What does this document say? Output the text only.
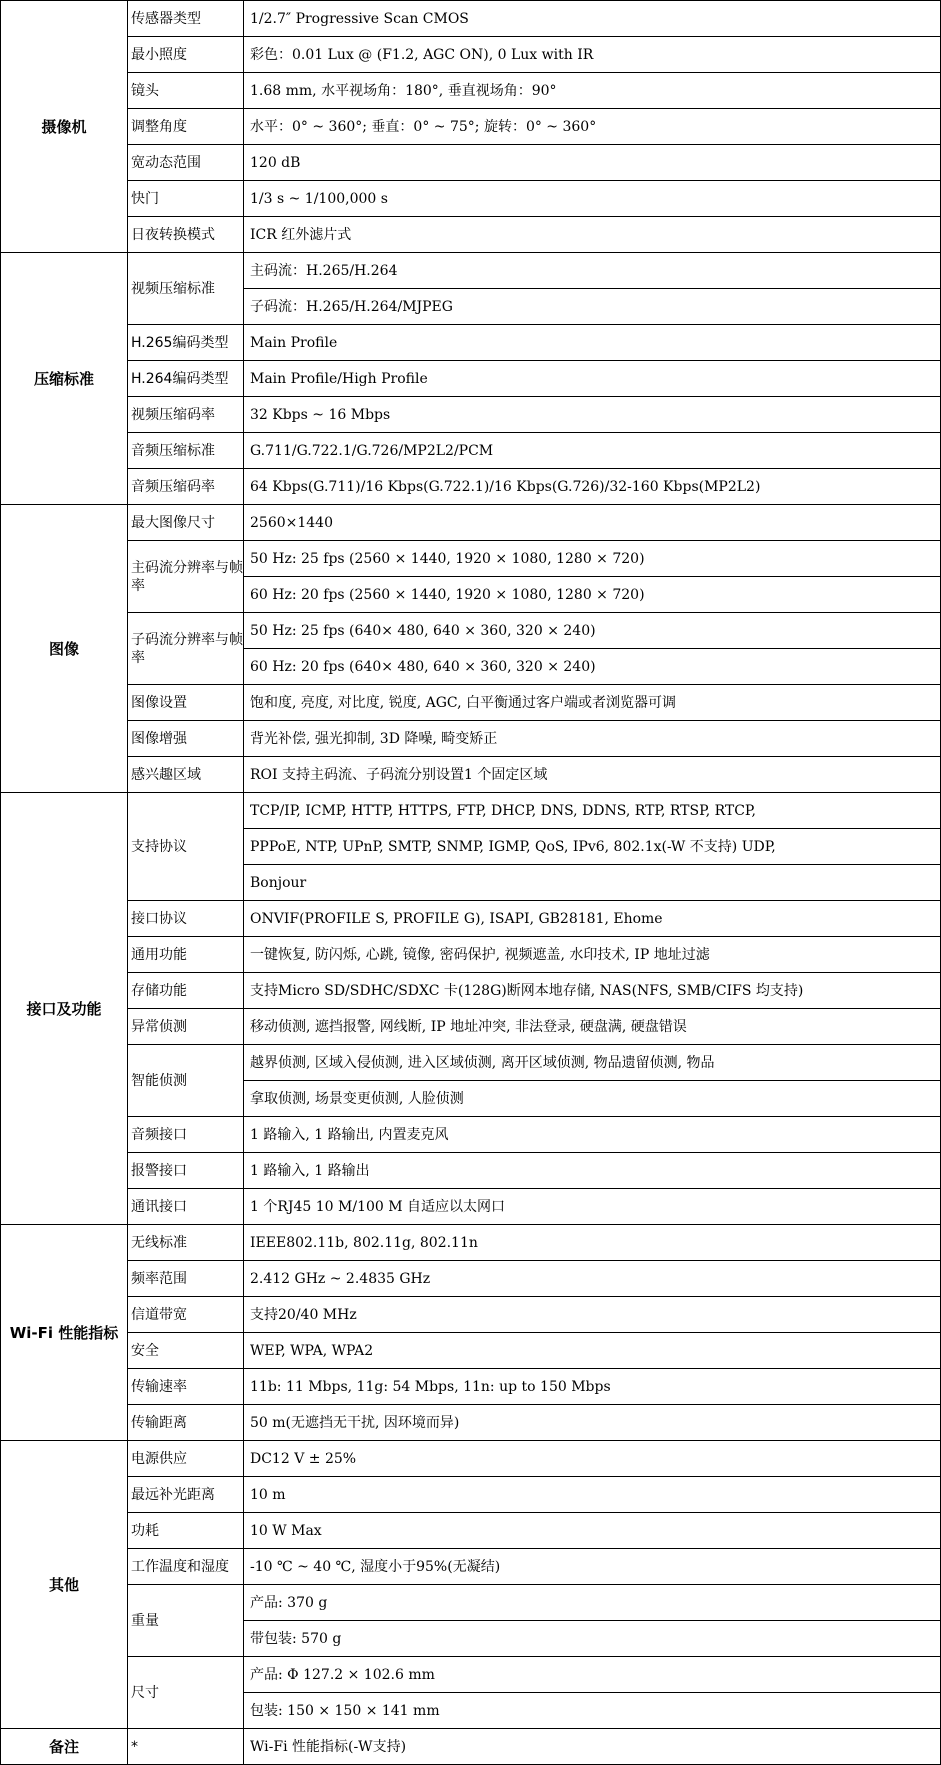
摄像机	传感器类型	1/2.7″ Progressive Scan CMOS
	最小照度	彩色：0.01 Lux @ (F1.2, AGC ON), 0 Lux with IR
	镜头	1.68 mm, 水平视场角：180°, 垂直视场角：90°
	调整角度	水平：0° ~ 360°; 垂直：0° ~ 75°; 旋转：0° ~ 360°
	宽动态范围	120 dB
	快门	1/3 s ~ 1/100,000 s
	日夜转换模式	ICR 红外滤片式
压缩标准	视频压缩标准	主码流：H.265/H.264
		子码流：H.265/H.264/MJPEG
	H.265编码类型	Main Profile
	H.264编码类型	Main Profile/High Profile
	视频压缩码率	32 Kbps ~ 16 Mbps
	音频压缩标准	G.711/G.722.1/G.726/MP2L2/PCM
	音频压缩码率	64 Kbps(G.711)/16 Kbps(G.722.1)/16 Kbps(G.726)/32-160 Kbps(MP2L2)
图像	最大图像尺寸	2560×1440
	主码流分辨率与帧率	50 Hz: 25 fps (2560 × 1440, 1920 × 1080, 1280 × 720)
		60 Hz: 20 fps (2560 × 1440, 1920 × 1080, 1280 × 720)
	子码流分辨率与帧率	50 Hz: 25 fps (640× 480, 640 × 360, 320 × 240)
		60 Hz: 20 fps (640× 480, 640 × 360, 320 × 240)
	图像设置	饱和度, 亮度, 对比度, 锐度, AGC, 白平衡通过客户端或者浏览器可调
	图像增强	背光补偿, 强光抑制, 3D 降噪, 畸变矫正
	感兴趣区域	ROI 支持主码流、子码流分别设置1 个固定区域
接口及功能	支持协议	TCP/IP, ICMP, HTTP, HTTPS, FTP, DHCP, DNS, DDNS, RTP, RTSP, RTCP,
		PPPoE, NTP, UPnP, SMTP, SNMP, IGMP, QoS, IPv6, 802.1x(-W 不支持) UDP,
		Bonjour
	接口协议	ONVIF(PROFILE S, PROFILE G), ISAPI, GB28181, Ehome
	通用功能	一键恢复, 防闪烁, 心跳, 镜像, 密码保护, 视频遮盖, 水印技术, IP 地址过滤
	存储功能	支持Micro SD/SDHC/SDXC 卡(128G)断网本地存储, NAS(NFS, SMB/CIFS 均支持)
	异常侦测	移动侦测, 遮挡报警, 网线断, IP 地址冲突, 非法登录, 硬盘满, 硬盘错误
	智能侦测	越界侦测, 区域入侵侦测, 进入区域侦测, 离开区域侦测, 物品遗留侦测, 物品
		拿取侦测, 场景变更侦测, 人脸侦测
	音频接口	1 路输入, 1 路输出, 内置麦克风
	报警接口	1 路输入, 1 路输出
	通讯接口	1 个RJ45 10 M/100 M 自适应以太网口
Wi-Fi 性能指标	无线标准	IEEE802.11b, 802.11g, 802.11n
	频率范围	2.412 GHz ~ 2.4835 GHz
	信道带宽	支持20/40 MHz
	安全	WEP, WPA, WPA2
	传输速率	11b: 11 Mbps, 11g: 54 Mbps, 11n: up to 150 Mbps
	传输距离	50 m(无遮挡无干扰, 因环境而异)
其他	电源供应	DC12 V ± 25%
	最远补光距离	10 m
	功耗	10 W Max
	工作温度和湿度	-10 ℃ ~ 40 ℃, 湿度小于95%(无凝结)
	重量	产品: 370 g
		带包装: 570 g
	尺寸	产品: Φ 127.2 × 102.6 mm
		包装: 150 × 150 × 141 mm
备注	*	Wi-Fi 性能指标(-W支持)
